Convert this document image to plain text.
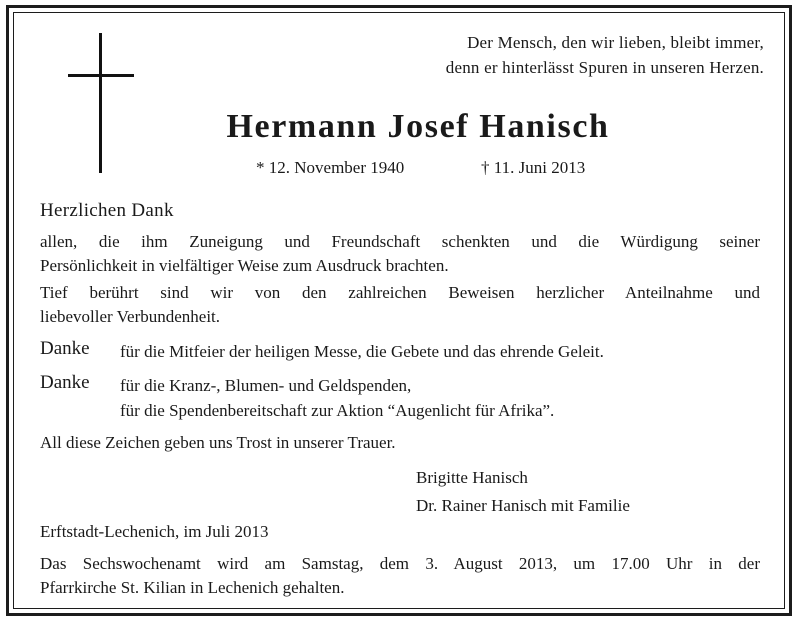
Der Mensch, den wir lieben, bleibt immer,
denn er hinterlässt Spuren in unseren Herzen.
Hermann Josef Hanisch
* 12. November 1940	† 11. Juni 2013
Herzlichen Dank
allen, die ihm Zuneigung und Freundschaft schenkten und die Würdigung seiner
Persönlichkeit in vielfältiger Weise zum Ausdruck brachten.
Tief berührt sind wir von den zahlreichen Beweisen herzlicher Anteilnahme und
liebevoller Verbundenheit.
Danke für die Mitfeier der heiligen Messe, die Gebete und das ehrende Geleit.
Danke für die Kranz-, Blumen- und Geldspenden,
für die Spendenbereitschaft zur Aktion “Augenlicht für Afrika”.
All diese Zeichen geben uns Trost in unserer Trauer.
Brigitte Hanisch
Dr. Rainer Hanisch mit Familie
Erftstadt-Lechenich, im Juli 2013
Das Sechswochenamt wird am Samstag, dem 3. August 2013, um 17.00 Uhr in der
Pfarrkirche St. Kilian in Lechenich gehalten.
